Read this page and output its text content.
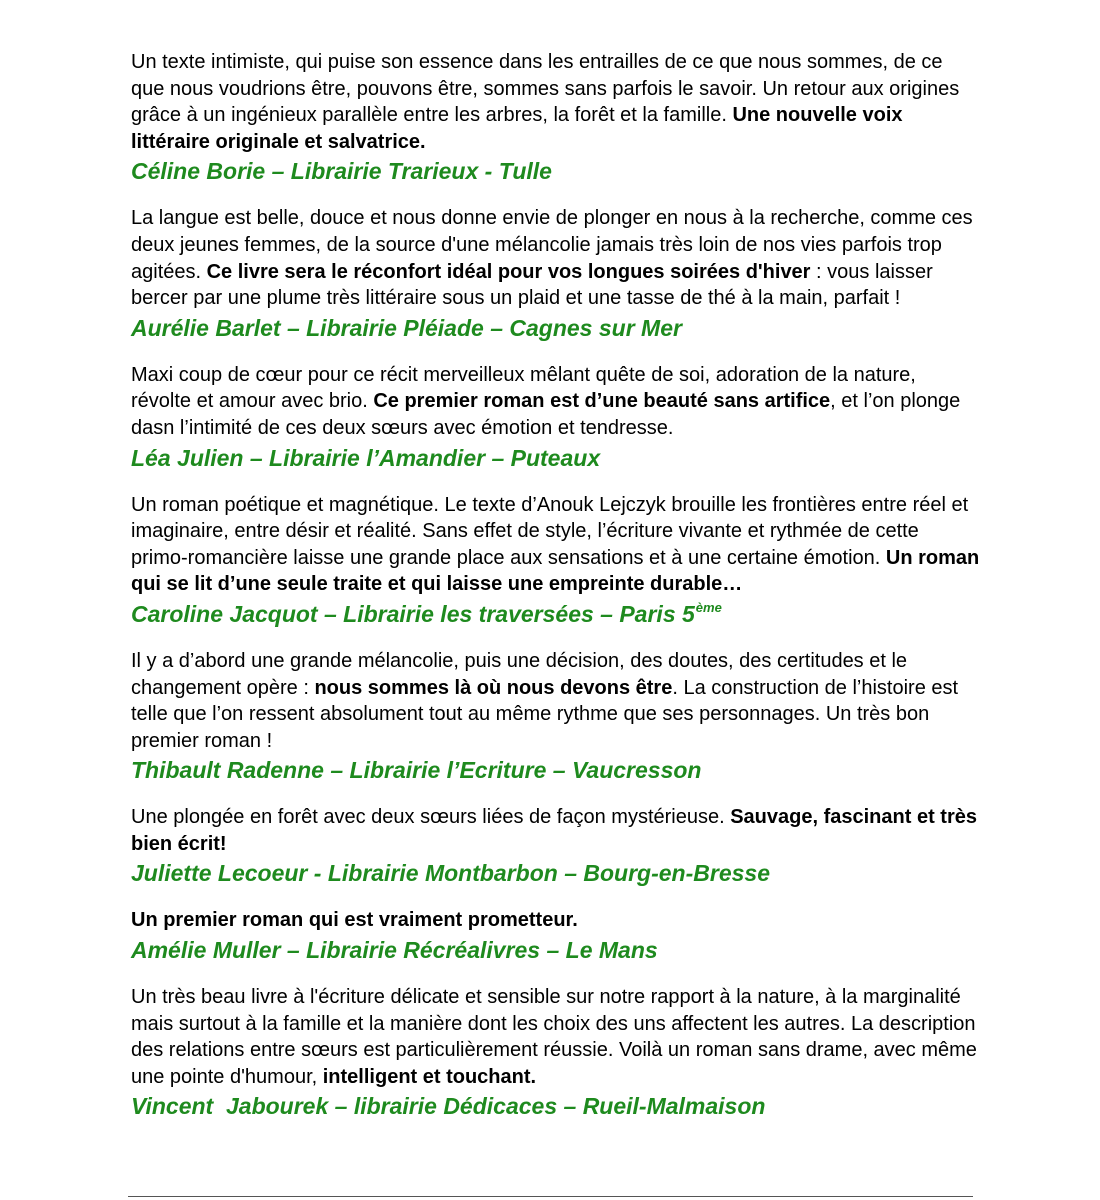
Un texte intimiste, qui puise son essence dans les entrailles de ce que nous sommes, de ce que nous voudrions être, pouvons être, sommes sans parfois le savoir. Un retour aux origines grâce à un ingénieux parallèle entre les arbres, la forêt et la famille. Une nouvelle voix littéraire originale et salvatrice.

Céline Borie – Librairie Trarieux - Tulle

La langue est belle, douce et nous donne envie de plonger en nous à la recherche, comme ces deux jeunes femmes, de la source d'une mélancolie jamais très loin de nos vies parfois trop agitées. Ce livre sera le réconfort idéal pour vos longues soirées d'hiver : vous laisser bercer par une plume très littéraire sous un plaid et une tasse de thé à la main, parfait !

Aurélie Barlet – Librairie Pléiade – Cagnes sur Mer

Maxi coup de cœur pour ce récit merveilleux mêlant quête de soi, adoration de la nature, révolte et amour avec brio. Ce premier roman est d’une beauté sans artifice, et l’on plonge dasn l’intimité de ces deux sœurs avec émotion et tendresse.

Léa Julien – Librairie l’Amandier – Puteaux

Un roman poétique et magnétique. Le texte d’Anouk Lejczyk brouille les frontières entre réel et imaginaire, entre désir et réalité. Sans effet de style, l’écriture vivante et rythmée de cette primo-romancière laisse une grande place aux sensations et à une certaine émotion. Un roman qui se lit d’une seule traite et qui laisse une empreinte durable…

Caroline Jacquot – Librairie les traversées – Paris 5ème

Il y a d’abord une grande mélancolie, puis une décision, des doutes, des certitudes et le changement opère : nous sommes là où nous devons être. La construction de l’histoire est telle que l’on ressent absolument tout au même rythme que ses personnages. Un très bon premier roman !

Thibault Radenne – Librairie l’Ecriture – Vaucresson

Une plongée en forêt avec deux sœurs liées de façon mystérieuse. Sauvage, fascinant et très bien écrit!

Juliette Lecoeur - Librairie Montbarbon – Bourg-en-Bresse

Un premier roman qui est vraiment prometteur.

Amélie Muller – Librairie Récréalivres – Le Mans

Un très beau livre à l'écriture délicate et sensible sur notre rapport à la nature, à la marginalité mais surtout à la famille et la manière dont les choix des uns affectent les autres. La description des relations entre sœurs est particulièrement réussie. Voilà un roman sans drame, avec même une pointe d'humour, intelligent et touchant.

Vincent  Jabourek – librairie Dédicaces – Rueil-Malmaison
